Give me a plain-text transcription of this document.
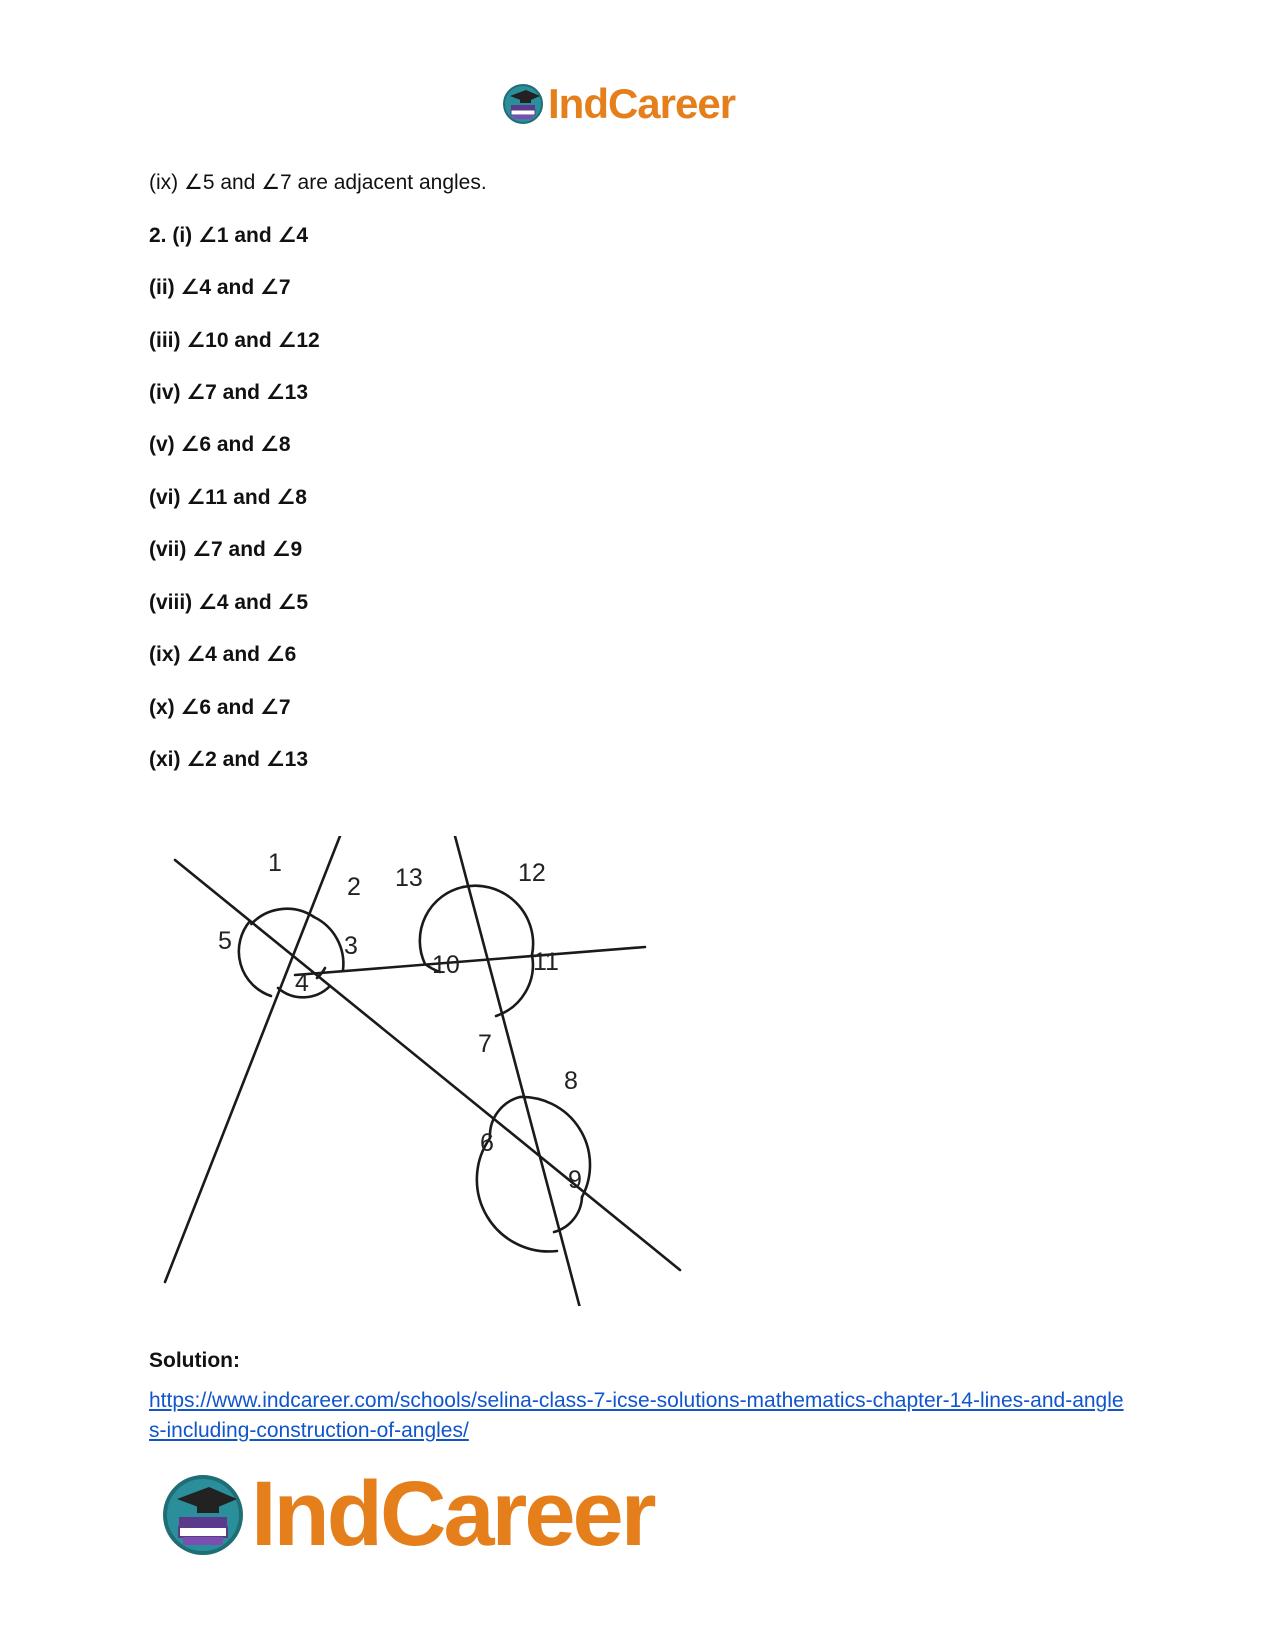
IndCareer
(ix) ∠5 and ∠7 are adjacent angles.
2. (i) ∠1 and ∠4
(ii) ∠4 and ∠7
(iii) ∠10 and ∠12
(iv) ∠7 and ∠13
(v) ∠6 and ∠8
(vi) ∠11 and ∠8
(vii) ∠7 and ∠9
(viii) ∠4 and ∠5
(ix) ∠4 and ∠6
(x) ∠6 and ∠7
(xi) ∠2 and ∠13
1
2
3
4
5
13	12
10	11
7
8
6
9
Solution:
https://www.indcareer.com/schools/selina-class-7-icse-solutions-mathematics-chapter-14-lines-and-angles-including-construction-of-angles/
IndCareer
